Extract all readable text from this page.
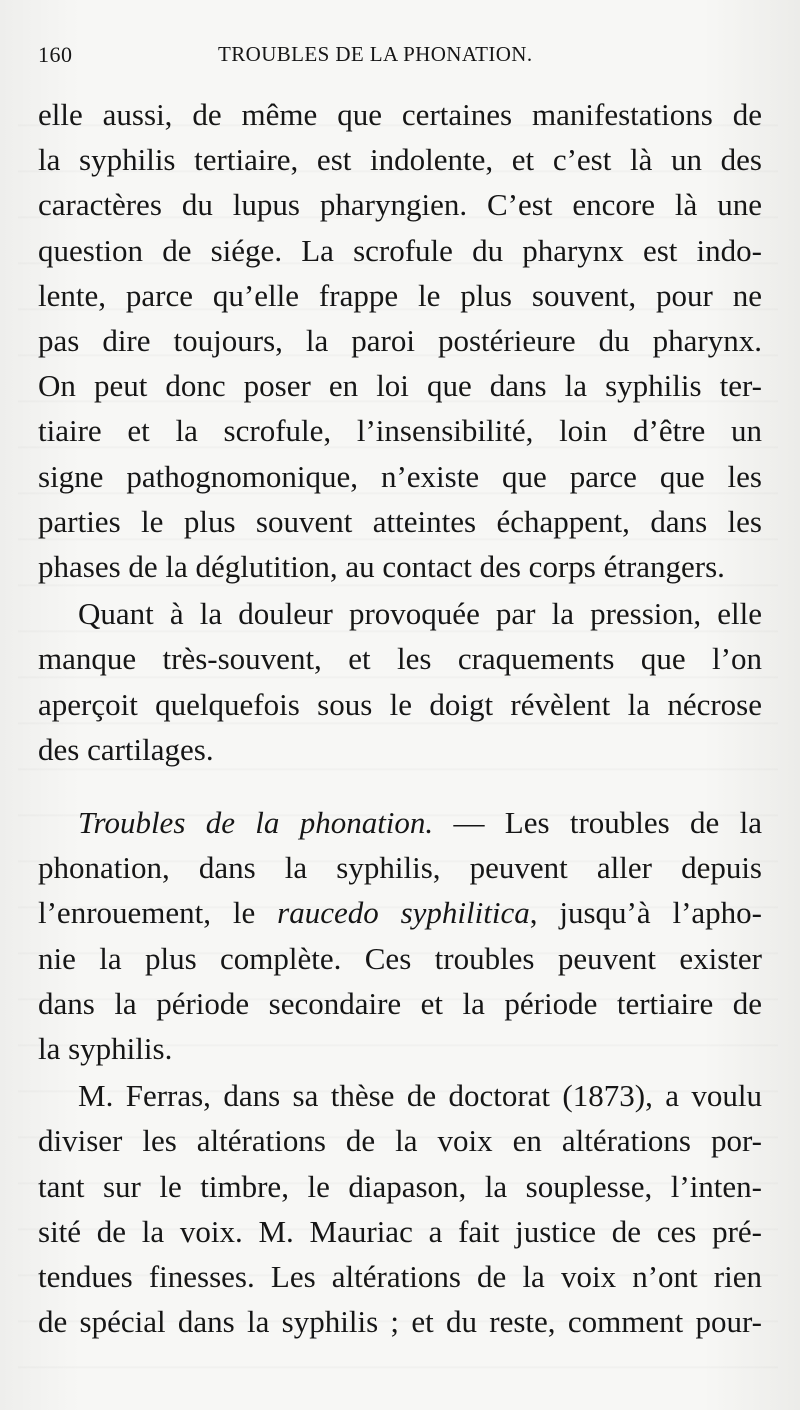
160	TROUBLES DE LA PHONATION.
elle aussi, de même que certaines manifestations de
la syphilis tertiaire, est indolente, et c’est là un des
caractères du lupus pharyngien. C’est encore là une
question de siége. La scrofule du pharynx est indo-
lente, parce qu’elle frappe le plus souvent, pour ne
pas dire toujours, la paroi postérieure du pharynx.
On peut donc poser en loi que dans la syphilis ter-
tiaire et la scrofule, l’insensibilité, loin d’être un
signe pathognomonique, n’existe que parce que les
parties le plus souvent atteintes échappent, dans les
phases de la déglutition, au contact des corps étrangers.
Quant à la douleur provoquée par la pression, elle
manque très-souvent, et les craquements que l’on
aperçoit quelquefois sous le doigt révèlent la nécrose
des cartilages.
Troubles de la phonation. — Les troubles de la
phonation, dans la syphilis, peuvent aller depuis
l’enrouement, le raucedo syphilitica, jusqu’à l’apho-
nie la plus complète. Ces troubles peuvent exister
dans la période secondaire et la période tertiaire de
la syphilis.
M. Ferras, dans sa thèse de doctorat (1873), a voulu
diviser les altérations de la voix en altérations por-
tant sur le timbre, le diapason, la souplesse, l’inten-
sité de la voix. M. Mauriac a fait justice de ces pré-
tendues finesses. Les altérations de la voix n’ont rien
de spécial dans la syphilis ; et du reste, comment pour-
